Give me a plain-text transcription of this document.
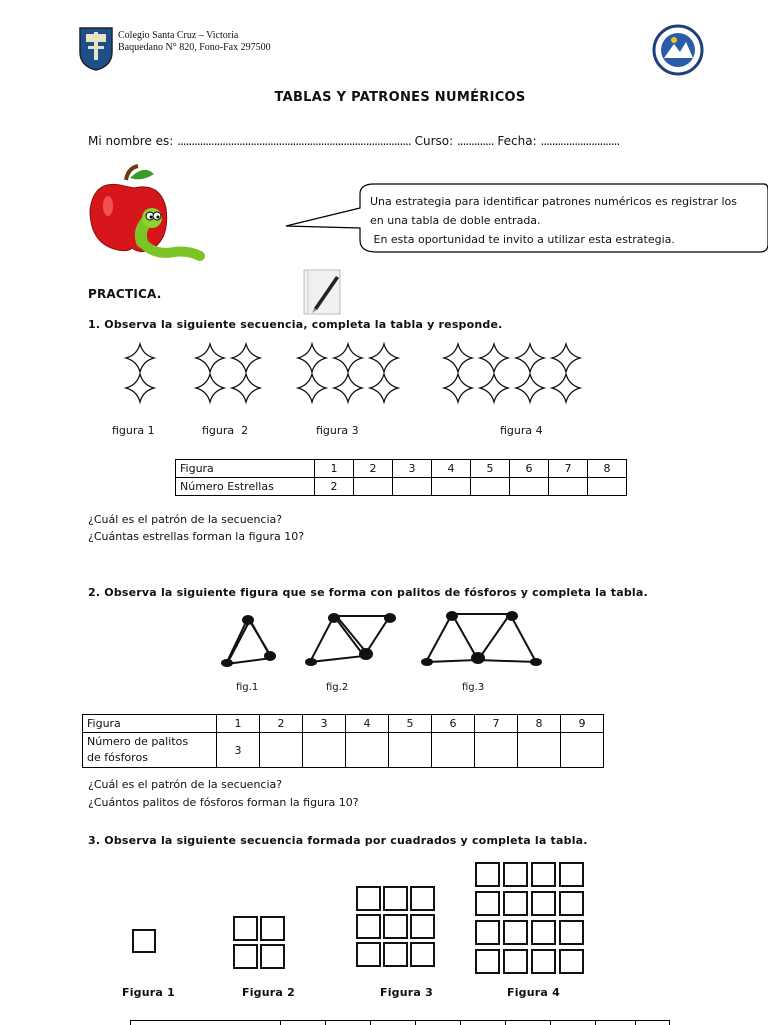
Colegio Santa Cruz – Victoria
Baquedano N° 820, Fono-Fax 297500
TABLAS Y PATRONES NUMÉRICOS
Mi nombre es: ................................................................................... Curso: ............. Fecha: ............................
Una estrategia para identificar patrones numéricos es registrar los
en una tabla de doble entrada.
En esta oportunidad te invito a utilizar esta estrategia.
PRACTICA.
1. Observa la siguiente secuencia, completa la tabla y responde.
figura 1	figura  2	figura 3	figura 4
Figura	1	2	3	4	5	6	7	8
Número Estrellas	2							
¿Cuál es el patrón de la secuencia?
¿Cuántas estrellas forman la figura 10?
2. Observa la siguiente figura que se forma con palitos de fósforos y completa la tabla.
fig.1	fig.2	fig.3
Figura	1	2	3	4	5	6	7	8	9

Número de palitos
de fósforos	3								
¿Cuál es el patrón de la secuencia?
¿Cuántos palitos de fósforos forman la figura 10?
3. Observa la siguiente secuencia formada por cuadrados y completa la tabla.
Figura 1	Figura 2	Figura 3	Figura 4
